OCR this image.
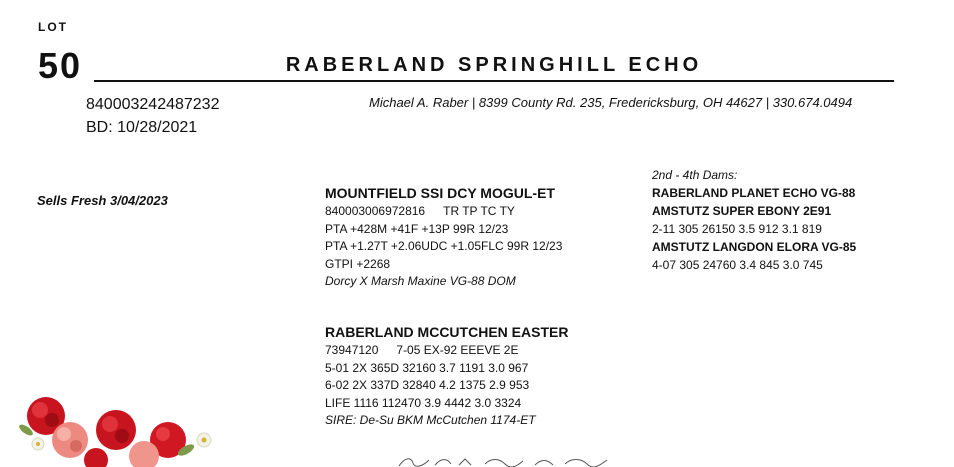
LOT
50	RABERLAND SPRINGHILL ECHO
840003242487232
BD: 10/28/2021
Michael A. Raber | 8399 County Rd. 235, Fredericksburg, OH 44627 | 330.674.0494
Sells Fresh 3/04/2023	MOUNTFIELD SSI DCY MOGUL-ET
840003006972816 TR TP TC TY
PTA +428M +41F +13P 99R 12/23
PTA +1.27T +2.06UDC +1.05FLC 99R 12/23
GTPI +2268
Dorcy X Marsh Maxine VG-88 DOM
RABERLAND MCCUTCHEN EASTER
73947120 7-05 EX-92 EEEVE 2E
5-01 2X 365D 32160 3.7 1191 3.0 967
6-02 2X 337D 32840 4.2 1375 2.9 953
LIFE 1116 112470 3.9 4442 3.0 3324
SIRE: De-Su BKM McCutchen 1174-ET
2nd - 4th Dams:
RABERLAND PLANET ECHO VG-88
AMSTUTZ SUPER EBONY 2E91
2-11 305 26150 3.5 912 3.1 819
AMSTUTZ LANGDON ELORA VG-85
4-07 305 24760 3.4 845 3.0 745
